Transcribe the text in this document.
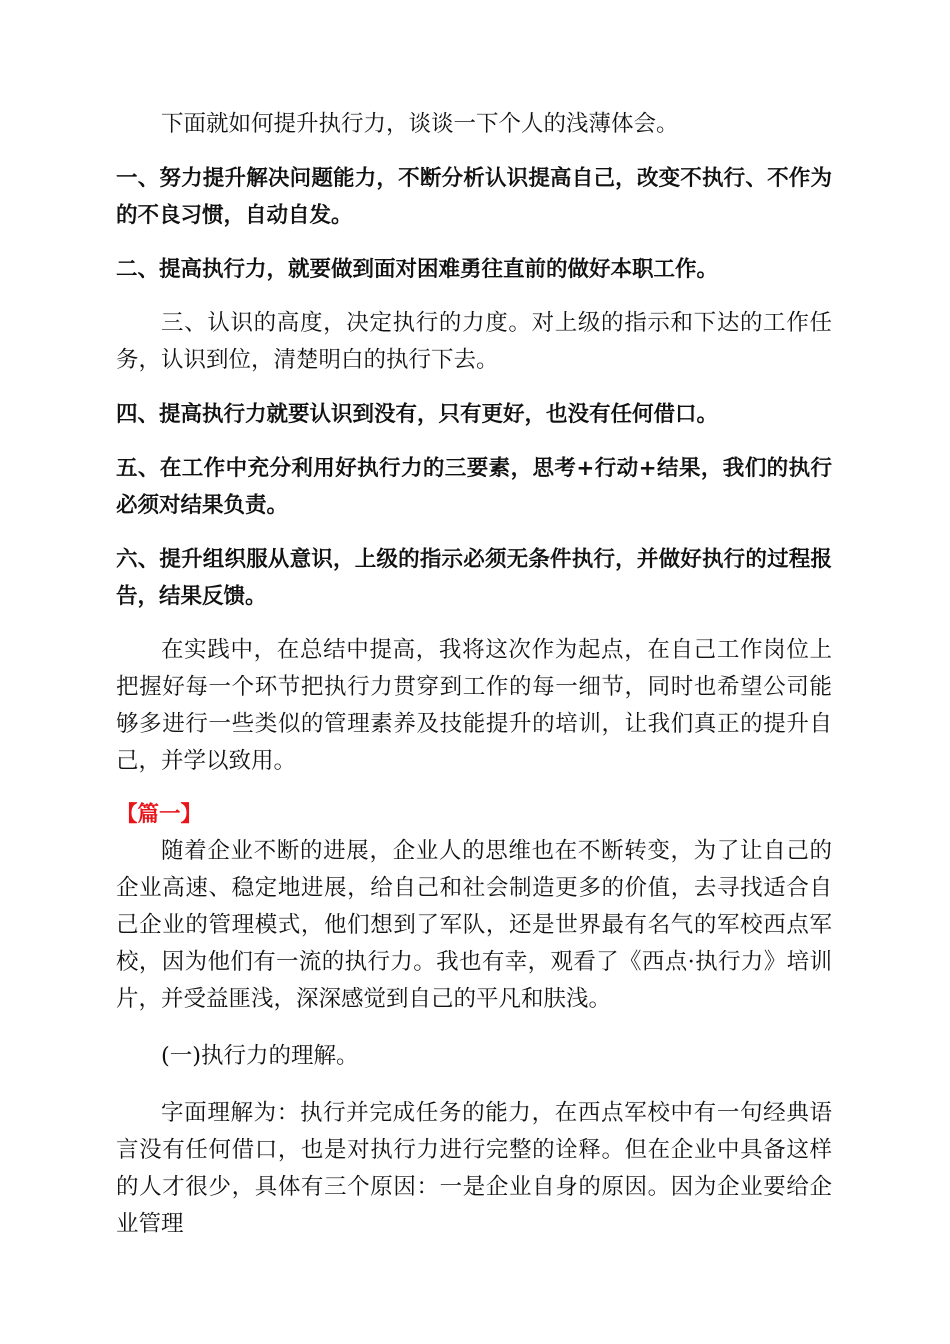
下面就如何提升执行力，谈谈一下个人的浅薄体会。

一、努力提升解决问题能力，不断分析认识提高自己，改变不执行、不作为的不良习惯，自动自发。

二、提高执行力，就要做到面对困难勇往直前的做好本职工作。

三、认识的高度，决定执行的力度。对上级的指示和下达的工作任务，认识到位，清楚明白的执行下去。

四、提高执行力就要认识到没有，只有更好，也没有任何借口。

五、在工作中充分利用好执行力的三要素，思考+行动+结果，我们的执行必须对结果负责。

六、提升组织服从意识，上级的指示必须无条件执行，并做好执行的过程报告，结果反馈。

在实践中，在总结中提高，我将这次作为起点，在自己工作岗位上把握好每一个环节把执行力贯穿到工作的每一细节，同时也希望公司能够多进行一些类似的管理素养及技能提升的培训，让我们真正的提升自己，并学以致用。

【篇一】

随着企业不断的进展，企业人的思维也在不断转变，为了让自己的企业高速、稳定地进展，给自己和社会制造更多的价值，去寻找适合自己企业的管理模式，他们想到了军队，还是世界最有名气的军校西点军校，因为他们有一流的执行力。我也有幸，观看了《西点·执行力》培训片，并受益匪浅，深深感觉到自己的平凡和肤浅。

(一)执行力的理解。

字面理解为：执行并完成任务的能力，在西点军校中有一句经典语言没有任何借口，也是对执行力进行完整的诠释。但在企业中具备这样的人才很少，具体有三个原因：一是企业自身的原因。因为企业要给企业管理
